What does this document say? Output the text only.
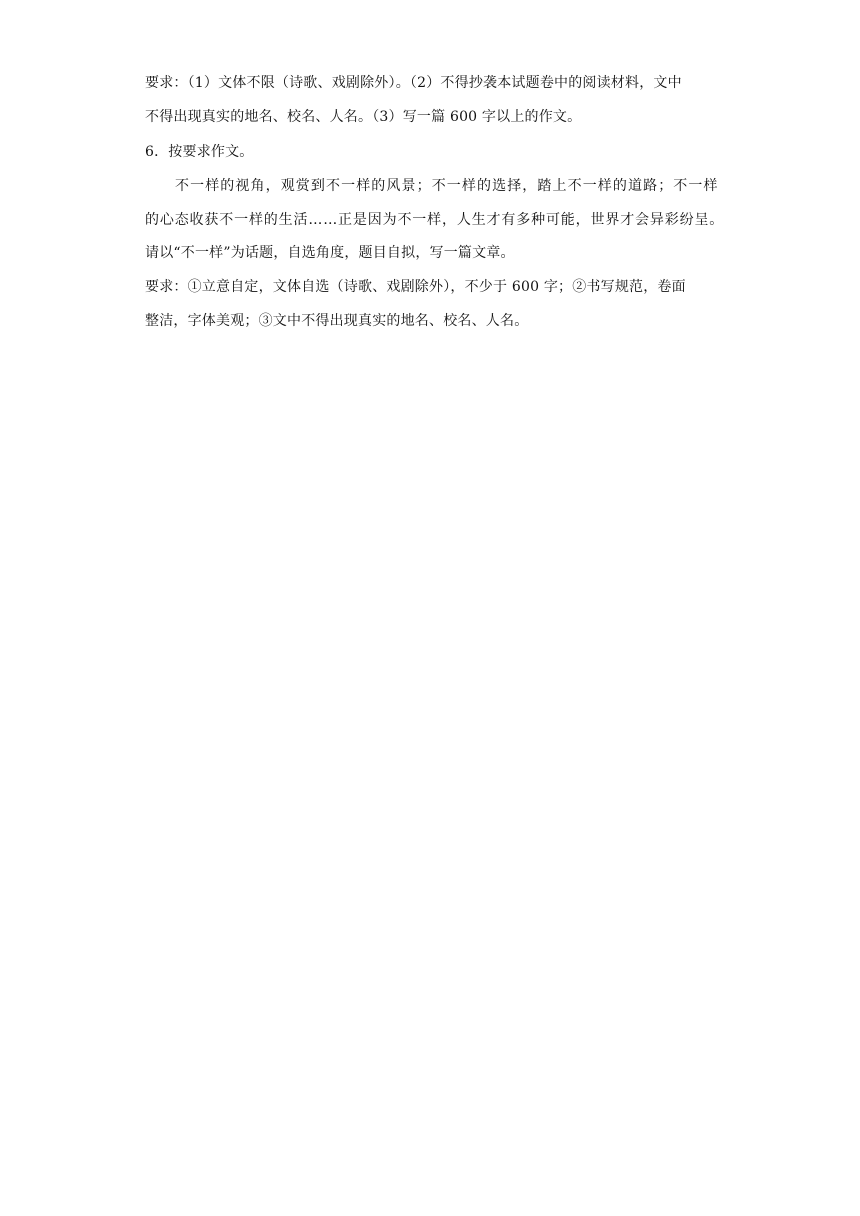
要求：（1）文体不限（诗歌、戏剧除外）。（2）不得抄袭本试题卷中的阅读材料，文中
不得出现真实的地名、校名、人名。（3）写一篇 600 字以上的作文。
6．按要求作文。
不一样的视角，观赏到不一样的风景；不一样的选择，踏上不一样的道路；不一样
的心态收获不一样的生活……正是因为不一样，人生才有多种可能，世界才会异彩纷呈。
请以“不一样”为话题，自选角度，题目自拟，写一篇文章。
要求：①立意自定，文体自选（诗歌、戏剧除外），不少于 600 字；②书写规范，卷面
整洁，字体美观；③文中不得出现真实的地名、校名、人名。
